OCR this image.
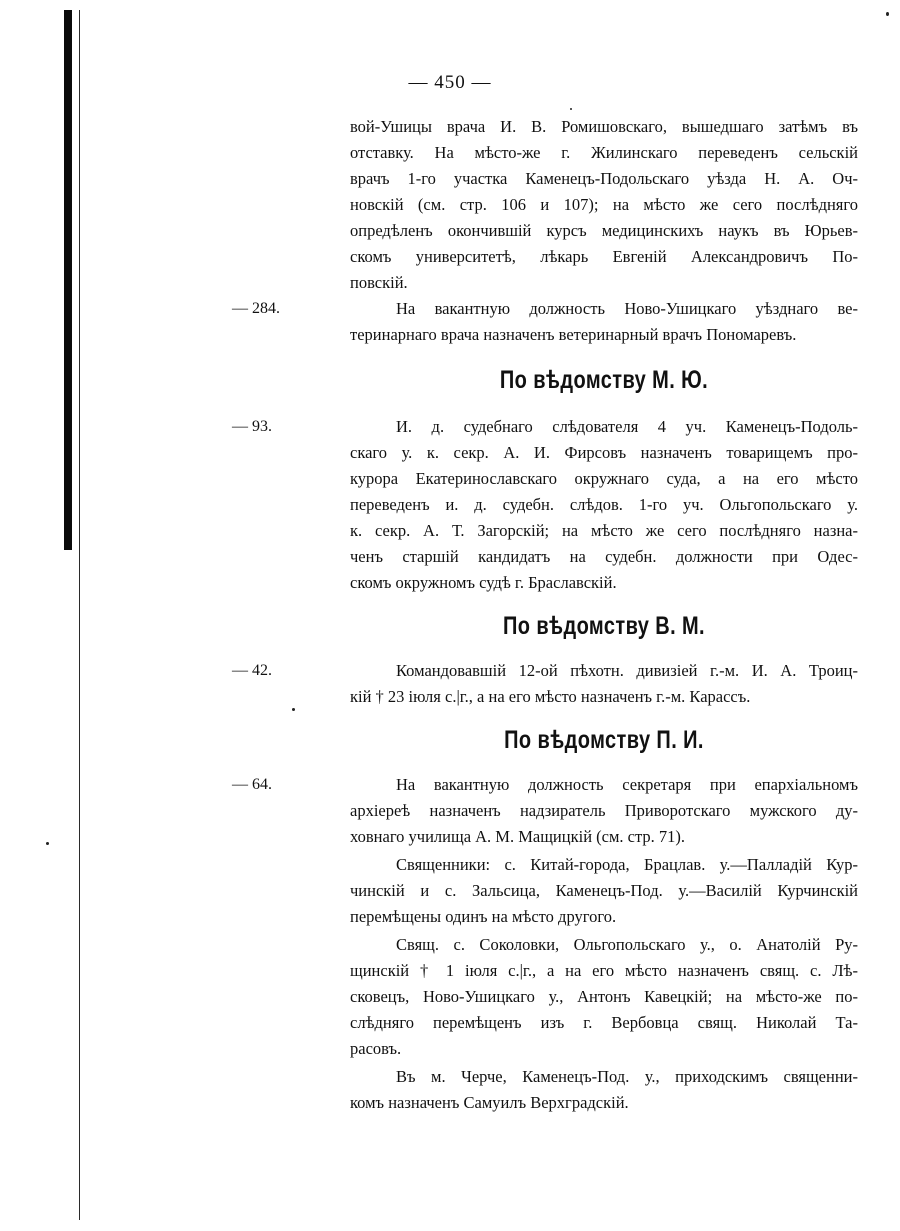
— 450 —
вой-Ушицы врача И. В. Ромишовскаго, вышедшаго затѣмъ въ
отставку. На мѣсто-же г. Жилинскаго переведенъ сельскій
врачъ 1-го участка Каменецъ-Подольскаго уѣзда Н. А. Оч-
новскій (см. стр. 106 и 107); на мѣсто же сего послѣдняго
опредѣленъ окончившій курсъ медицинскихъ наукъ въ Юрьев-
скомъ университетѣ, лѣкарь Евгеній Александровичъ По-
повскій.
— 284.	На вакантную должность Ново-Ушицкаго уѣзднаго ве-
теринарнаго врача назначенъ ветеринарный врачъ Пономаревъ.
По вѣдомству М. Ю.
— 93.	И. д. судебнаго слѣдователя 4 уч. Каменецъ-Подоль-
скаго у. к. секр. А. И. Фирсовъ назначенъ товарищемъ про-
курора Екатеринославскаго окружнаго суда, а на его мѣсто
переведенъ и. д. судебн. слѣдов. 1-го уч. Ольгопольскаго у.
к. секр. А. Т. Загорскій; на мѣсто же сего послѣдняго назна-
ченъ старшій кандидатъ на судебн. должности при Одес-
скомъ окружномъ судѣ г. Браславскій.
По вѣдомству В. М.
— 42.	Командовавшій 12-ой пѣхотн. дивизіей г.-м. И. А. Троиц-
кій † 23 іюля с.|г., а на его мѣсто назначенъ г.-м. Карассъ.
По вѣдомству П. И.
— 64.	На вакантную должность секретаря при епархіальномъ
архіереѣ назначенъ надзиратель Приворотскаго мужского ду-
ховнаго училища А. М. Мащицкій (см. стр. 71).
Священники: с. Китай-города, Брацлав. у.—Палладій Кур-
чинскій и с. Зальсица, Каменецъ-Под. у.—Василій Курчинскій
перемѣщены одинъ на мѣсто другого.
Свящ. с. Соколовки, Ольгопольскаго у., о. Анатолій Ру-
щинскій † 1 іюля с.|г., а на его мѣсто назначенъ свящ. с. Лѣ-
сковецъ, Ново-Ушицкаго у., Антонъ Кавецкій; на мѣсто-же по-
слѣдняго перемѣщенъ изъ г. Вербовца свящ. Николай Та-
расовъ.
Въ м. Черче, Каменецъ-Под. у., приходскимъ священни-
комъ назначенъ Самуилъ Верхградскій.
